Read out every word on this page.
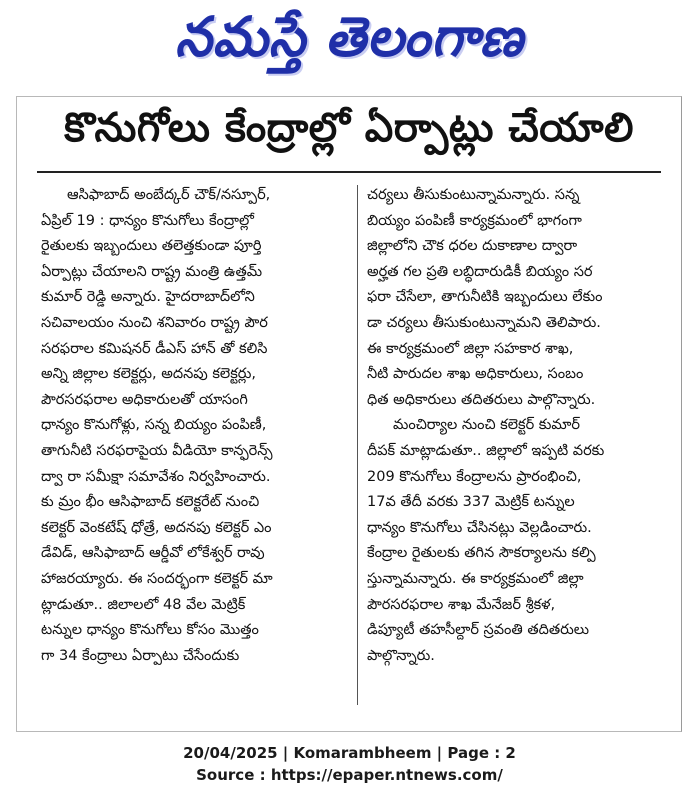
నమస్తే తెలంగాణ
కొనుగోలు కేంద్రాల్లో ఏర్పాట్లు చేయాలి
ఆసిఫాబాద్ అంబేద్కర్ చౌక్/నస్పూర్,
ఏప్రిల్ 19 : ధాన్యం కొనుగోలు కేంద్రాల్లో
రైతులకు ఇబ్బందులు తలెత్తకుండా పూర్తి
ఏర్పాట్లు చేయాలని రాష్ట్ర మంత్రి ఉత్తమ్
కుమార్ రెడ్డి అన్నారు. హైదరాబాద్‌లోని
సచివాలయం నుంచి శనివారం రాష్ట్ర పౌర
సరఫరాల కమిషనర్ డీఎస్ హాన్ తో కలిసి
అన్ని జిల్లాల కలెక్టర్లు, అదనపు కలెక్టర్లు,
పౌరసరఫరాల అధికారులతో యాసంగి
ధాన్యం కొనుగోళ్లు, సన్న బియ్యం పంపిణీ,
తాగునీటి సరఫరాపైయ వీడియో కాన్ఫరెన్స్
ద్వా రా సమీక్షా సమావేశం నిర్వహించారు.
కు మ్రం భీం ఆసిఫాబాద్ కలెక్టరేట్ నుంచి
కలెక్టర్ వెంకటేష్ ధోత్రే, అదనపు కలెక్టర్ ఎం
డేవిడ్, ఆసిఫాబాద్ ఆర్డీవో లోకేశ్వర్ రావు
హాజరయ్యారు. ఈ సందర్భంగా కలెక్టర్ మా
ట్లాడుతూ.. జిలాలలో 48 వేల మెట్రిక్
టన్నుల ధాన్యం కొనుగోలు కోసం మొత్తం
గా 34 కేంద్రాలు ఏర్పాటు చేసేందుకు
చర్యలు తీసుకుంటున్నామన్నారు. సన్న
బియ్యం పంపిణీ కార్యక్రమంలో భాగంగా
జిల్లాలోని చౌక ధరల దుకాణాల ద్వారా
అర్హత గల ప్రతి లబ్ధిదారుడికీ బియ్యం సర
ఫరా చేసేలా, తాగునీటికి ఇబ్బందులు లేకుం
డా చర్యలు తీసుకుంటున్నామని తెలిపారు.
ఈ కార్యక్రమంలో జిల్లా సహకార శాఖ,
నీటి పారుదల శాఖ అధికారులు, సంబం
ధిత అధికారులు తదితరులు పాల్గొన్నారు.
మంచిర్యాల నుంచి కలెక్టర్ కుమార్
దీపక్ మాట్లాడుతూ.. జిల్లాలో ఇప్పటి వరకు
209 కొనుగోలు కేంద్రాలను ప్రారంభించి,
17వ తేదీ వరకు 337 మెట్రిక్ టన్నుల
ధాన్యం కొనుగోలు చేసినట్లు వెల్లడించారు.
కేంద్రాల రైతులకు తగిన సౌకర్యాలను కల్పి
స్తున్నామన్నారు. ఈ కార్యక్రమంలో జిల్లా
పౌరసరఫరాల శాఖ మేనేజర్ శ్రీకళ,
డిప్యూటీ తహసీల్దార్ స్రవంతి తదితరులు
పాల్గొన్నారు.
20/04/2025 | Komarambheem | Page : 2
Source : https://epaper.ntnews.com/
